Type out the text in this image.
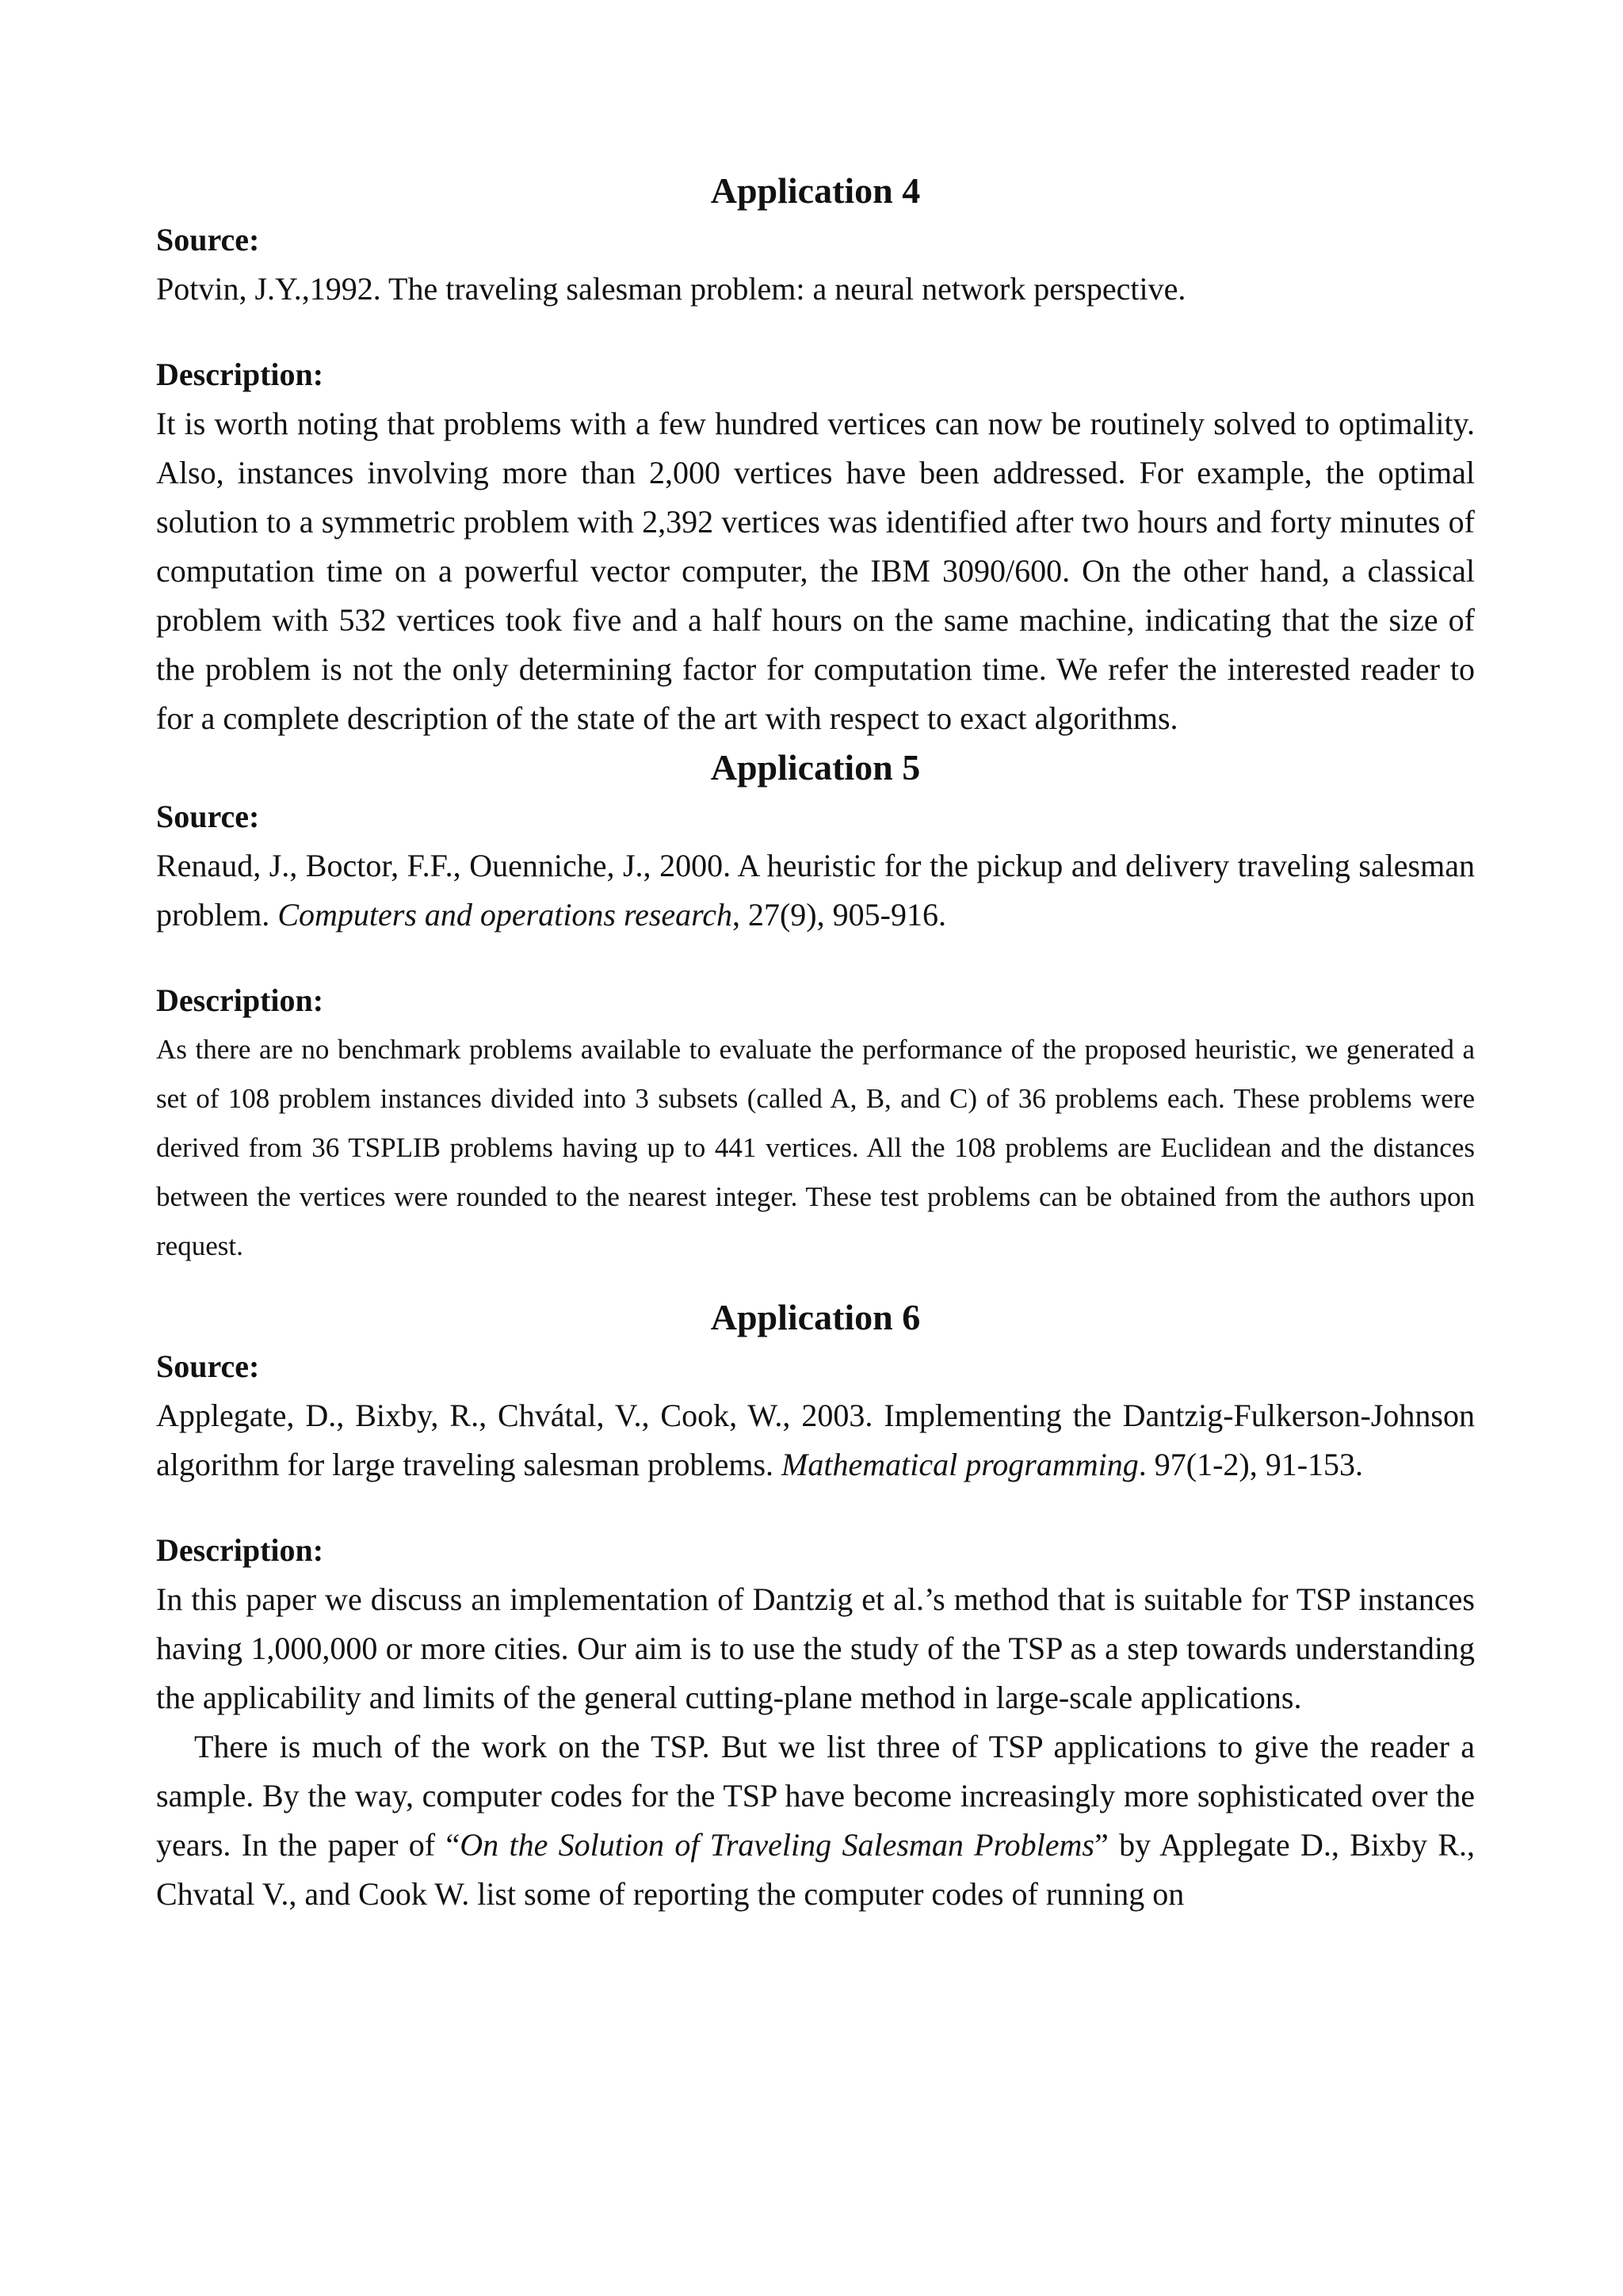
Application 4

Source:

Potvin, J.Y.,1992. The traveling salesman problem: a neural network perspective.

Description:

It is worth noting that problems with a few hundred vertices can now be routinely solved to optimality. Also, instances involving more than 2,000 vertices have been addressed. For example, the optimal solution to a symmetric problem with 2,392 vertices was identified after two hours and forty minutes of computation time on a powerful vector computer, the IBM 3090/600. On the other hand, a classical problem with 532 vertices took five and a half hours on the same machine, indicating that the size of the problem is not the only determining factor for computation time. We refer the interested reader to for a complete description of the state of the art with respect to exact algorithms.

Application 5

Source:

Renaud, J., Boctor, F.F., Ouenniche, J., 2000. A heuristic for the pickup and delivery traveling salesman problem. Computers and operations research, 27(9), 905-916.

Description:

As there are no benchmark problems available to evaluate the performance of the proposed heuristic, we generated a set of 108 problem instances divided into 3 subsets (called A, B, and C) of 36 problems each. These problems were derived from 36 TSPLIB problems having up to 441 vertices. All the 108 problems are Euclidean and the distances between the vertices were rounded to the nearest integer. These test problems can be obtained from the authors upon request.

Application 6

Source:

Applegate, D., Bixby, R., Chvátal, V., Cook, W., 2003. Implementing the Dantzig-Fulkerson-Johnson algorithm for large traveling salesman problems. Mathematical programming. 97(1-2), 91-153.

Description:

In this paper we discuss an implementation of Dantzig et al.’s method that is suitable for TSP instances having 1,000,000 or more cities. Our aim is to use the study of the TSP as a step towards understanding the applicability and limits of the general cutting-plane method in large-scale applications.

There is much of the work on the TSP. But we list three of TSP applications to give the reader a sample. By the way, computer codes for the TSP have become increasingly more sophisticated over the years. In the paper of “On the Solution of Traveling Salesman Problems” by Applegate D., Bixby R., Chvatal V., and Cook W. list some of reporting the computer codes of running on
